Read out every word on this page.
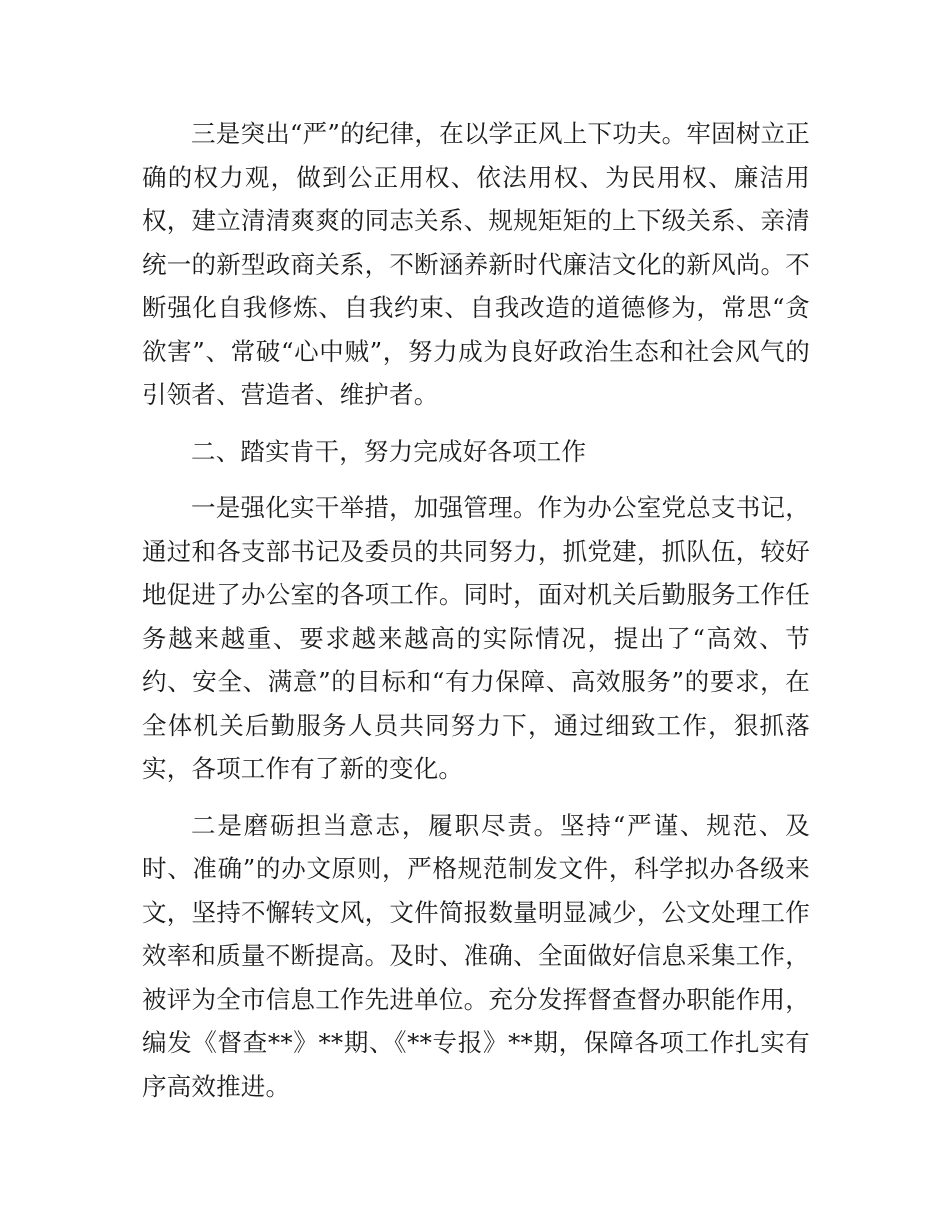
三是突出“严”的纪律，在以学正风上下功夫。牢固树立正确的权力观，做到公正用权、依法用权、为民用权、廉洁用权，建立清清爽爽的同志关系、规规矩矩的上下级关系、亲清统一的新型政商关系，不断涵养新时代廉洁文化的新风尚。不断强化自我修炼、自我约束、自我改造的道德修为，常思“贪欲害”、常破“心中贼”，努力成为良好政治生态和社会风气的引领者、营造者、维护者。

二、踏实肯干，努力完成好各项工作

一是强化实干举措，加强管理。作为办公室党总支书记，通过和各支部书记及委员的共同努力，抓党建，抓队伍，较好地促进了办公室的各项工作。同时，面对机关后勤服务工作任务越来越重、要求越来越高的实际情况，提出了“高效、节约、安全、满意”的目标和“有力保障、高效服务”的要求，在全体机关后勤服务人员共同努力下，通过细致工作，狠抓落实，各项工作有了新的变化。

二是磨砺担当意志，履职尽责。坚持“严谨、规范、及时、准确”的办文原则，严格规范制发文件，科学拟办各级来文，坚持不懈转文风，文件简报数量明显减少，公文处理工作效率和质量不断提高。及时、准确、全面做好信息采集工作，被评为全市信息工作先进单位。充分发挥督查督办职能作用，编发《督查**》**期、《**专报》**期，保障各项工作扎实有序高效推进。
